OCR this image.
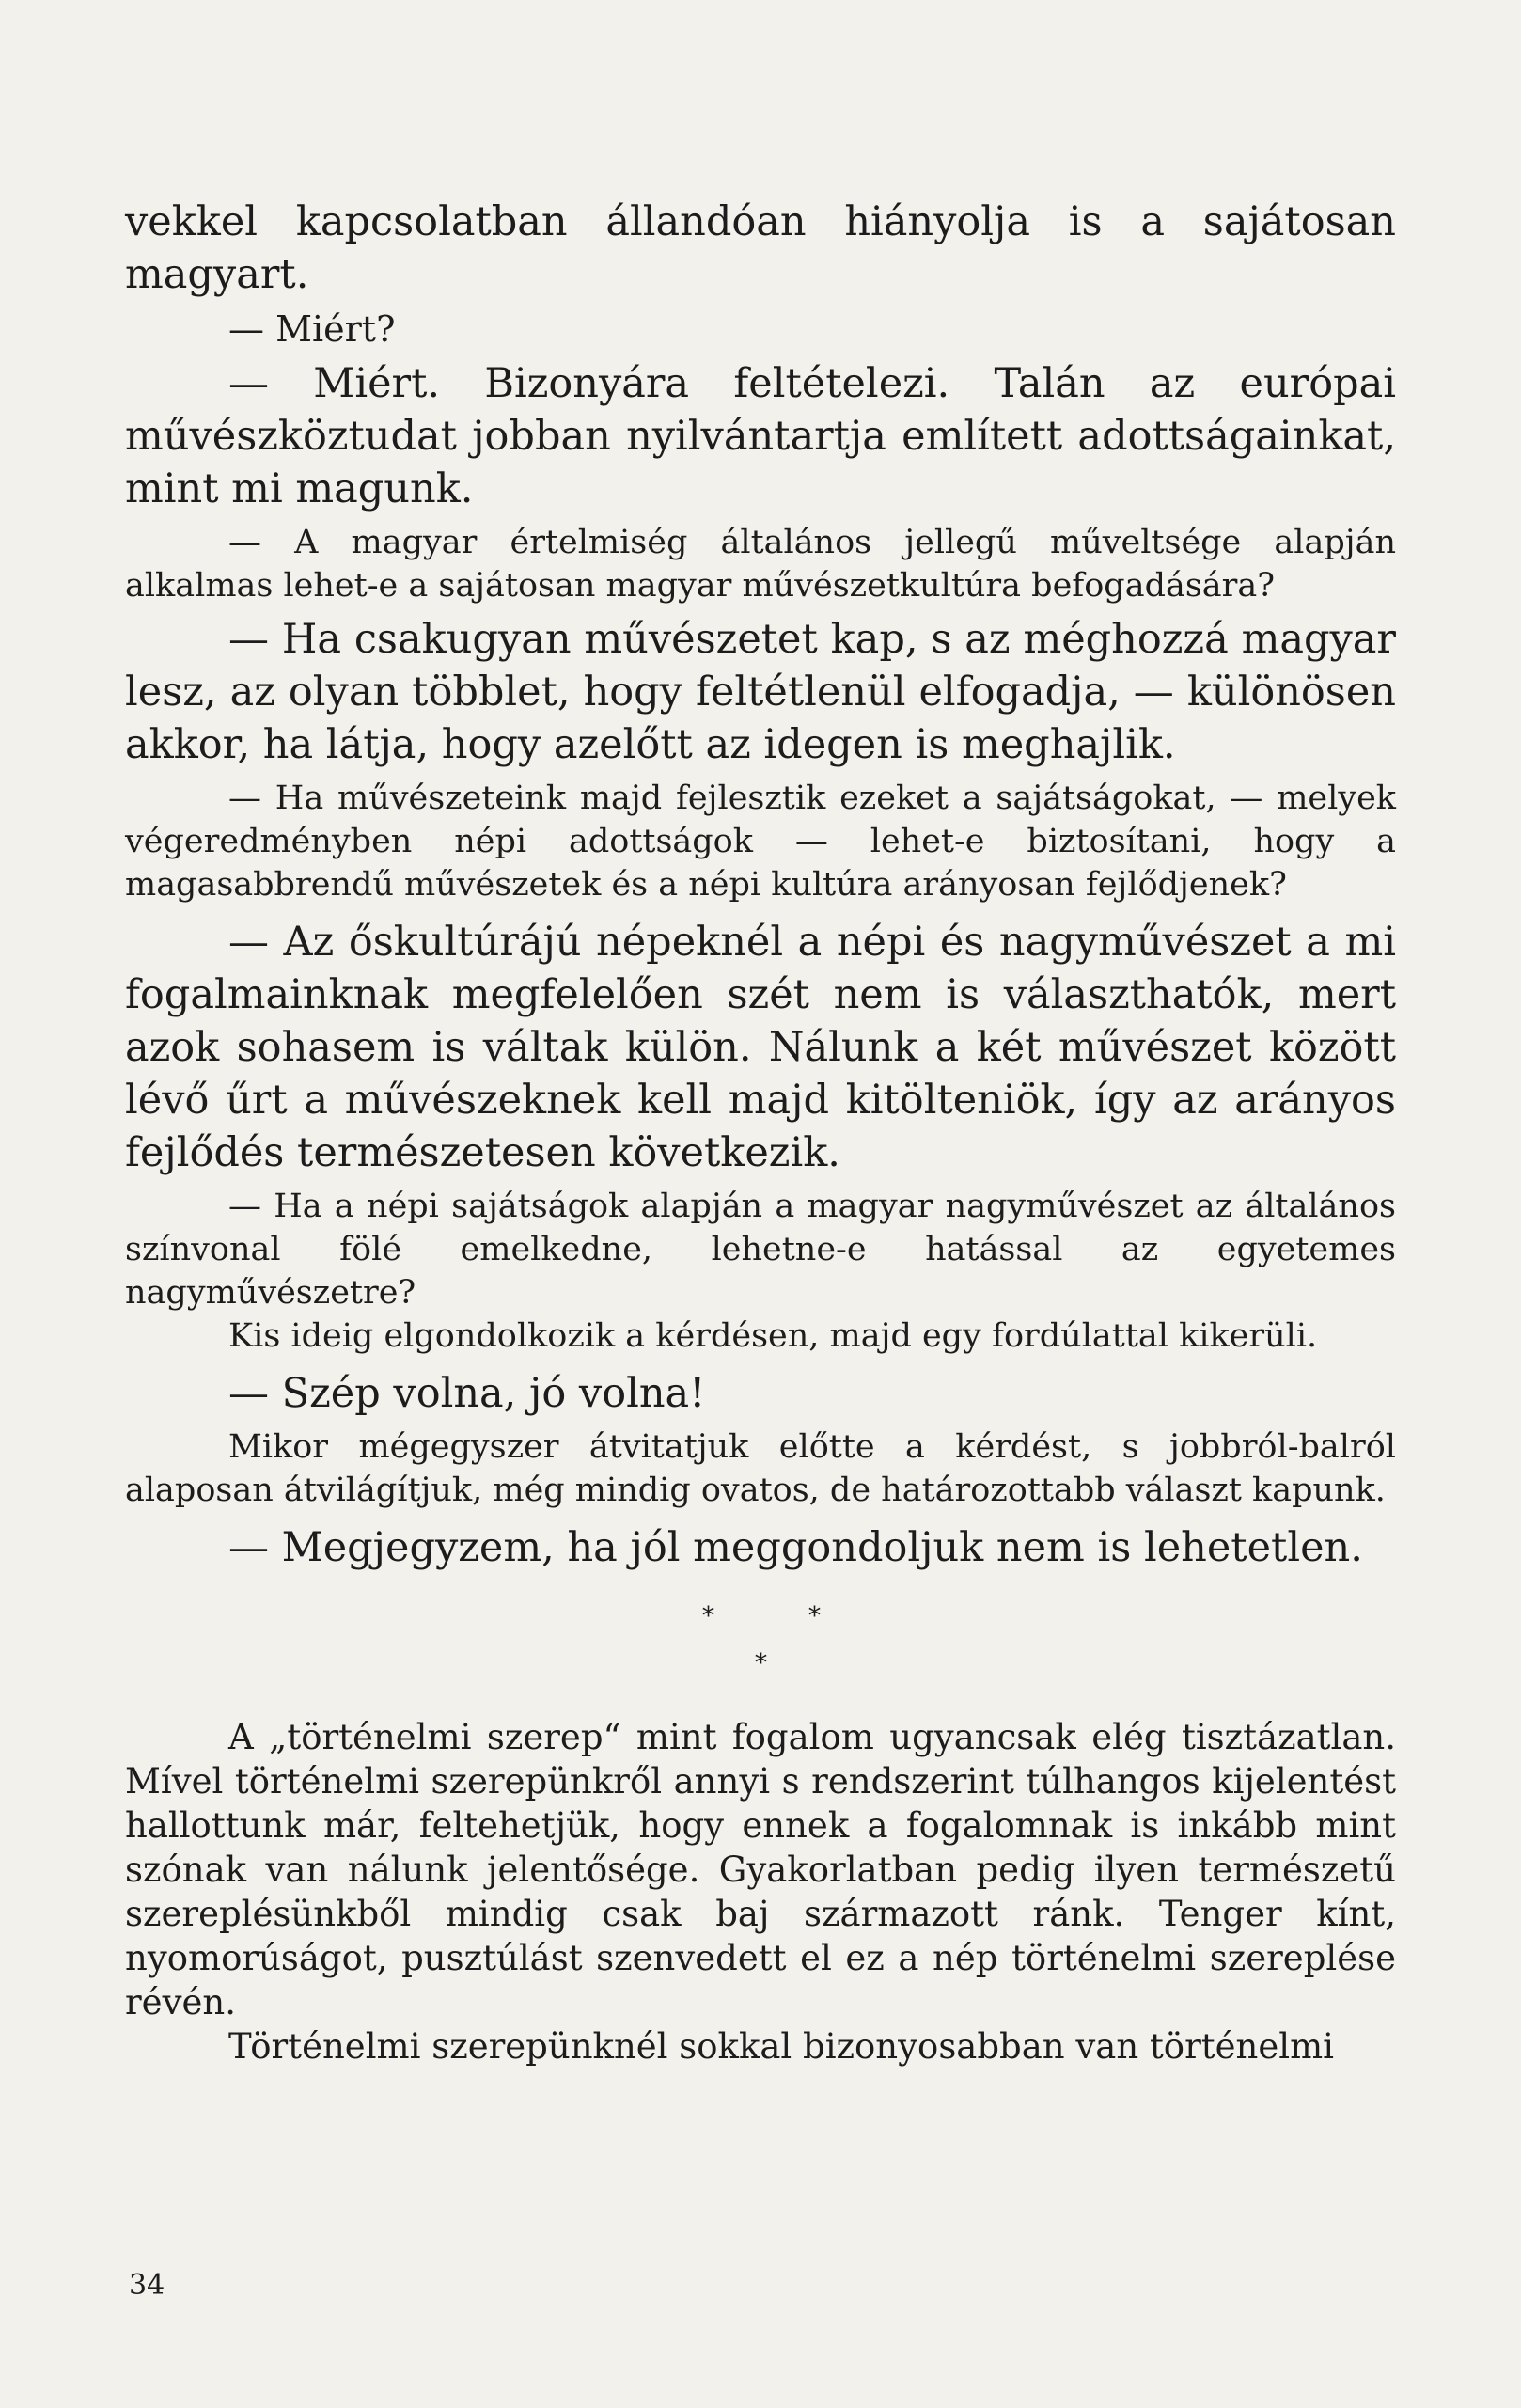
vekkel kapcsolatban állandóan hiányolja is a sajátosan magyart.

— Miért?

— Miért. Bizonyára feltételezi. Talán az európai művészköztudat jobban nyilvántartja említett adottságainkat, mint mi magunk.

— A magyar értelmiség általános jellegű műveltsége alapján alkalmas lehet-e a sajátosan magyar művészetkultúra befogadására?

— Ha csakugyan művészetet kap, s az méghozzá magyar lesz, az olyan többlet, hogy feltétlenül elfogadja, — különösen akkor, ha látja, hogy azelőtt az idegen is meghajlik.

— Ha művészeteink majd fejlesztik ezeket a sajátságokat, — melyek végeredményben népi adottságok — lehet-e biztosítani, hogy a magasabbrendű művészetek és a népi kultúra arányosan fejlődjenek?

— Az őskultúrájú népeknél a népi és nagyművészet a mi fogalmainknak megfelelően szét nem is választhatók, mert azok sohasem is váltak külön. Nálunk a két művészet között lévő űrt a művészeknek kell majd kitölteniök, így az arányos fejlődés természetesen következik.

— Ha a népi sajátságok alapján a magyar nagyművészet az általános színvonal fölé emelkedne, lehetne-e hatással az egyetemes nagyművészetre?

Kis ideig elgondolkozik a kérdésen, majd egy fordúlattal kikerüli.

— Szép volna, jó volna!

Mikor mégegyszer átvitatjuk előtte a kérdést, s jobbról-balról alaposan átvilágítjuk, még mindig ovatos, de határozottabb választ kapunk.

— Megjegyzem, ha jól meggondoljuk nem is lehetetlen.

*	*
*

A „történelmi szerep“ mint fogalom ugyancsak elég tisztázatlan. Mível történelmi szerepünkről annyi s rendszerint túlhangos kijelentést hallottunk már, feltehetjük, hogy ennek a fogalomnak is inkább mint szónak van nálunk jelentősége. Gyakorlatban pedig ilyen természetű szereplésünkből mindig csak baj származott ránk. Tenger kínt, nyomorúságot, pusztúlást szenvedett el ez a nép történelmi szereplése révén.

Történelmi szerepünknél sokkal bizonyosabban van történelmi

34
